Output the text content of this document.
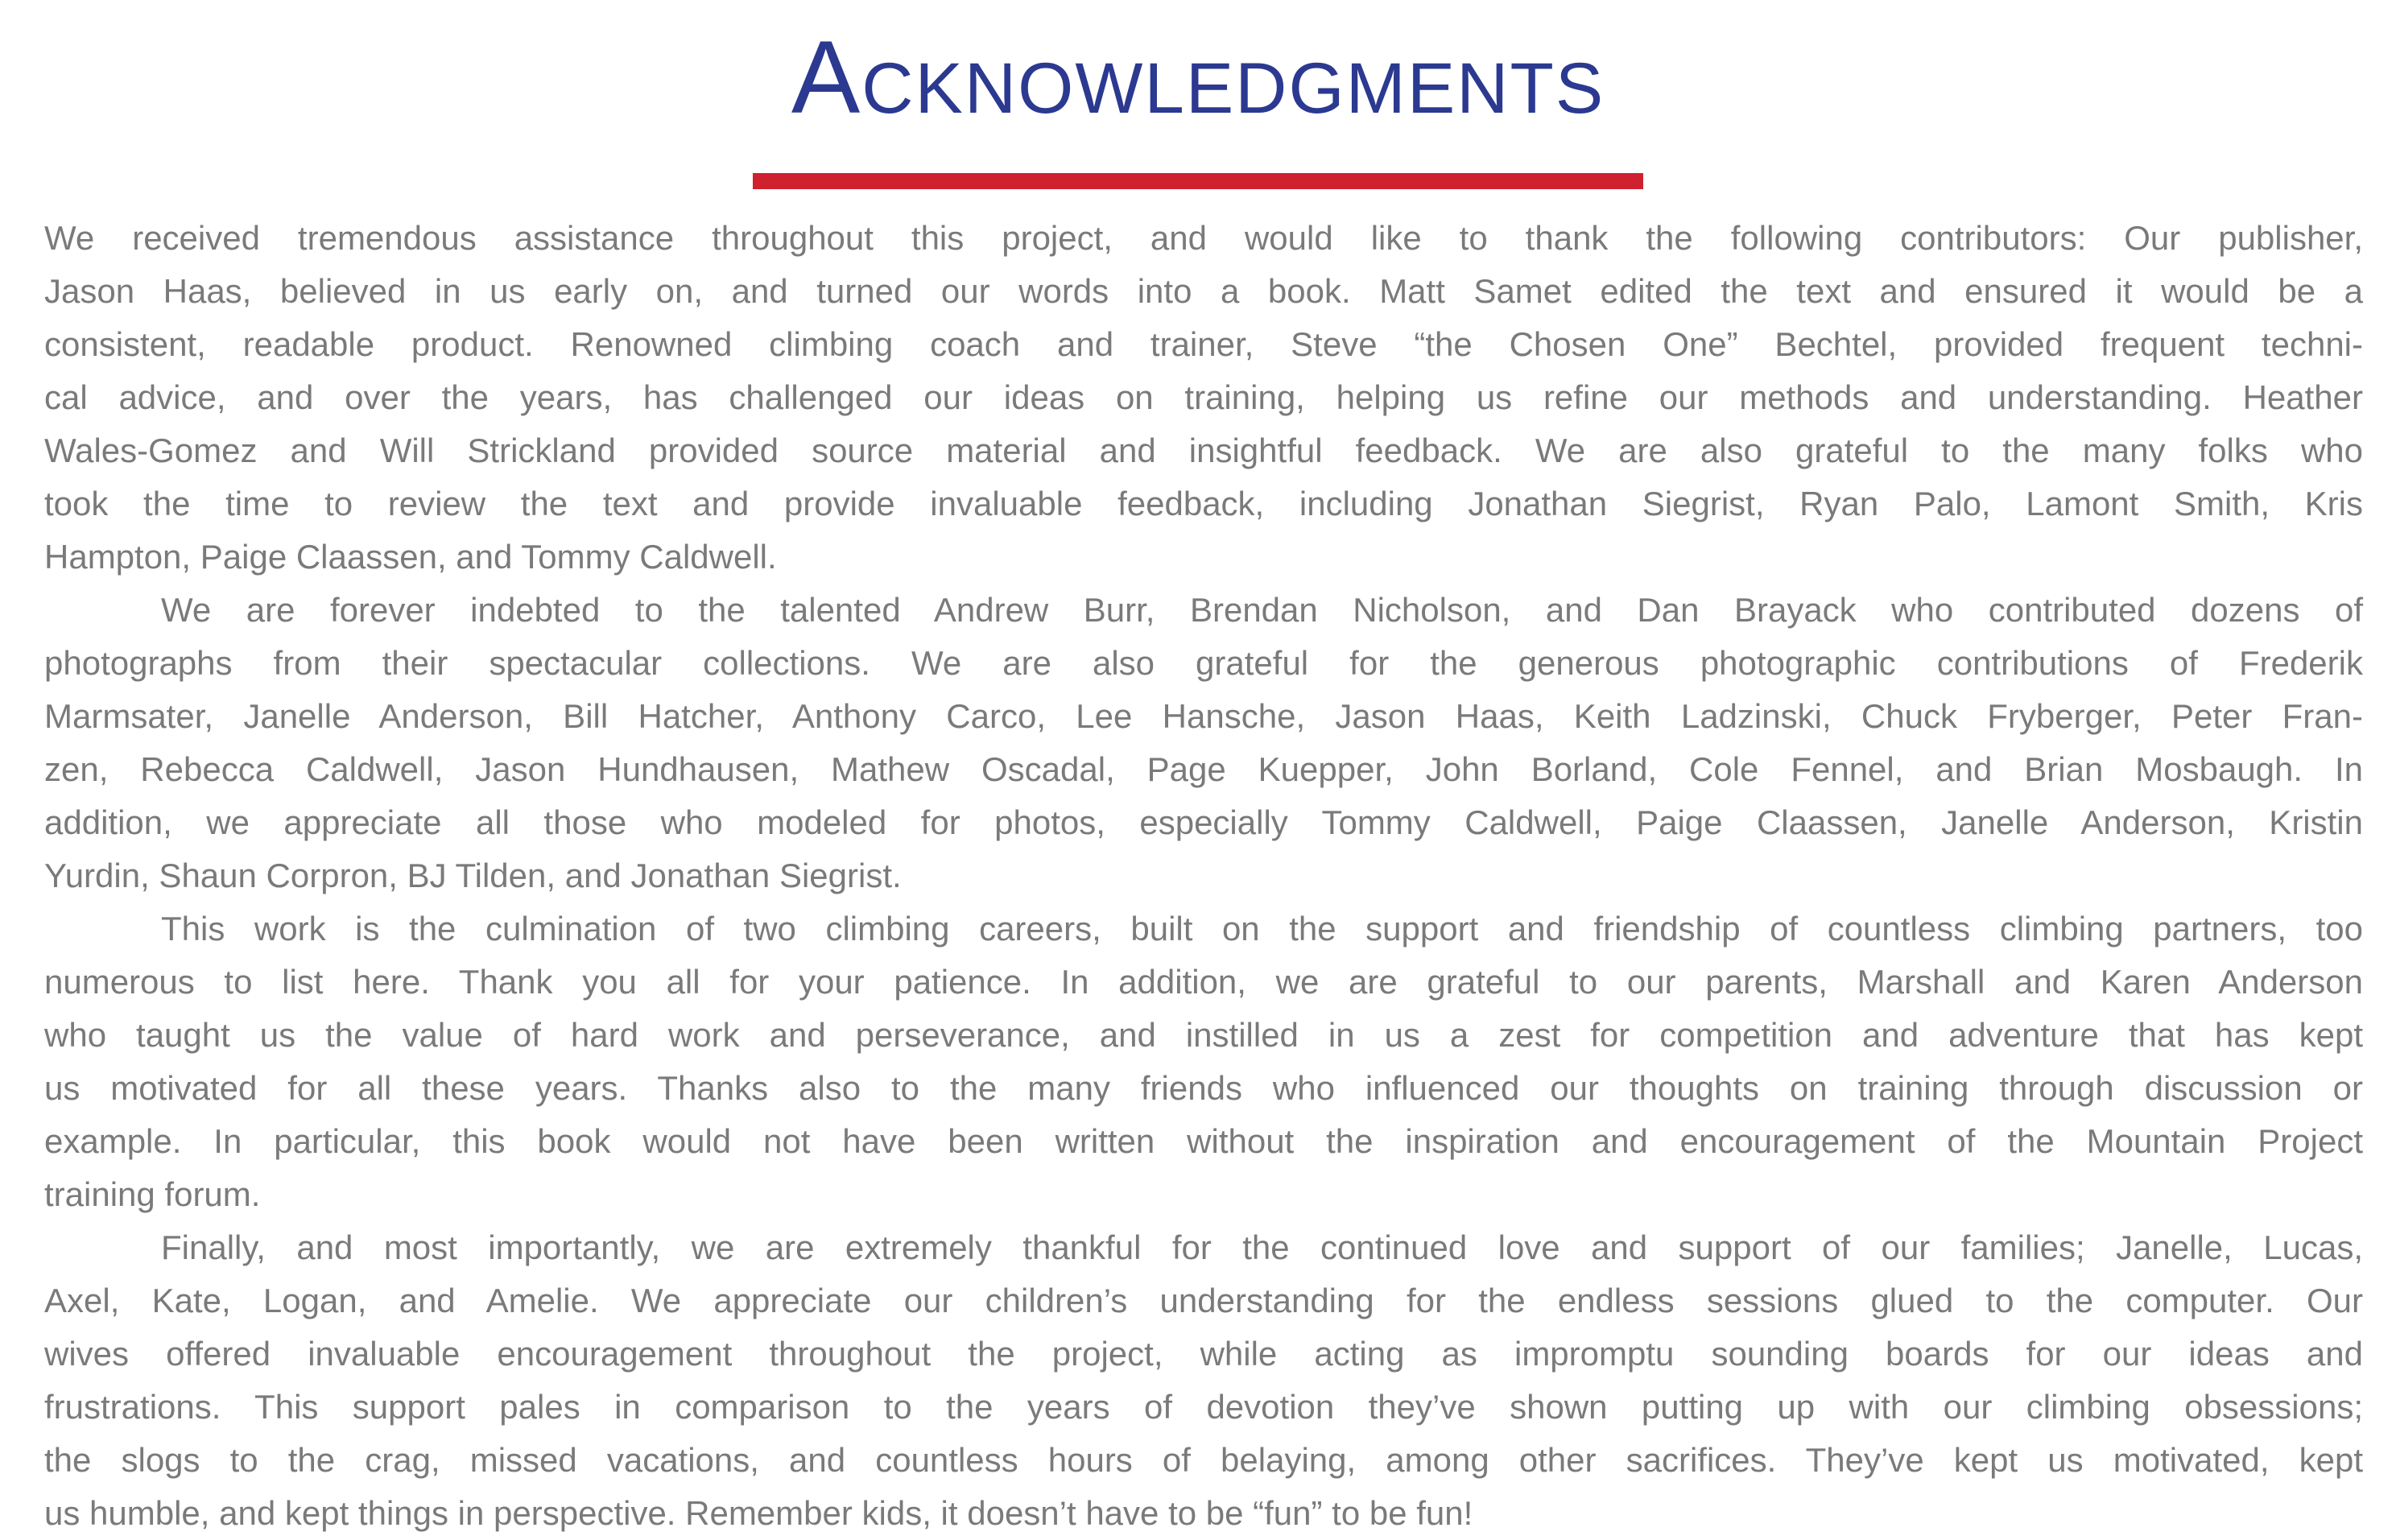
ACKNOWLEDGMENTS
We received tremendous assistance throughout this project, and would like to thank the following contributors: Our publisher,
Jason Haas, believed in us early on, and turned our words into a book. Matt Samet edited the text and ensured it would be a
consistent, readable product. Renowned climbing coach and trainer, Steve “the Chosen One” Bechtel, provided frequent techni-
cal advice, and over the years, has challenged our ideas on training, helping us refine our methods and understanding. Heather
Wales-Gomez and Will Strickland provided source material and insightful feedback. We are also grateful to the many folks who
took the time to review the text and provide invaluable feedback, including Jonathan Siegrist, Ryan Palo, Lamont Smith, Kris
Hampton, Paige Claassen, and Tommy Caldwell.
We are forever indebted to the talented Andrew Burr, Brendan Nicholson, and Dan Brayack who contributed dozens of
photographs from their spectacular collections. We are also grateful for the generous photographic contributions of Frederik
Marmsater, Janelle Anderson, Bill Hatcher, Anthony Carco, Lee Hansche, Jason Haas, Keith Ladzinski, Chuck Fryberger, Peter Fran-
zen, Rebecca Caldwell, Jason Hundhausen, Mathew Oscadal, Page Kuepper, John Borland, Cole Fennel, and Brian Mosbaugh. In
addition, we appreciate all those who modeled for photos, especially Tommy Caldwell, Paige Claassen, Janelle Anderson, Kristin
Yurdin, Shaun Corpron, BJ Tilden, and Jonathan Siegrist.
This work is the culmination of two climbing careers, built on the support and friendship of countless climbing partners, too
numerous to list here. Thank you all for your patience. In addition, we are grateful to our parents, Marshall and Karen Anderson
who taught us the value of hard work and perseverance, and instilled in us a zest for competition and adventure that has kept
us motivated for all these years. Thanks also to the many friends who influenced our thoughts on training through discussion or
example. In particular, this book would not have been written without the inspiration and encouragement of the Mountain Project
training forum.
Finally, and most importantly, we are extremely thankful for the continued love and support of our families; Janelle, Lucas,
Axel, Kate, Logan, and Amelie. We appreciate our children’s understanding for the endless sessions glued to the computer. Our
wives offered invaluable encouragement throughout the project, while acting as impromptu sounding boards for our ideas and
frustrations. This support pales in comparison to the years of devotion they’ve shown putting up with our climbing obsessions;
the slogs to the crag, missed vacations, and countless hours of belaying, among other sacrifices. They’ve kept us motivated, kept
us humble, and kept things in perspective. Remember kids, it doesn’t have to be “fun” to be fun!
